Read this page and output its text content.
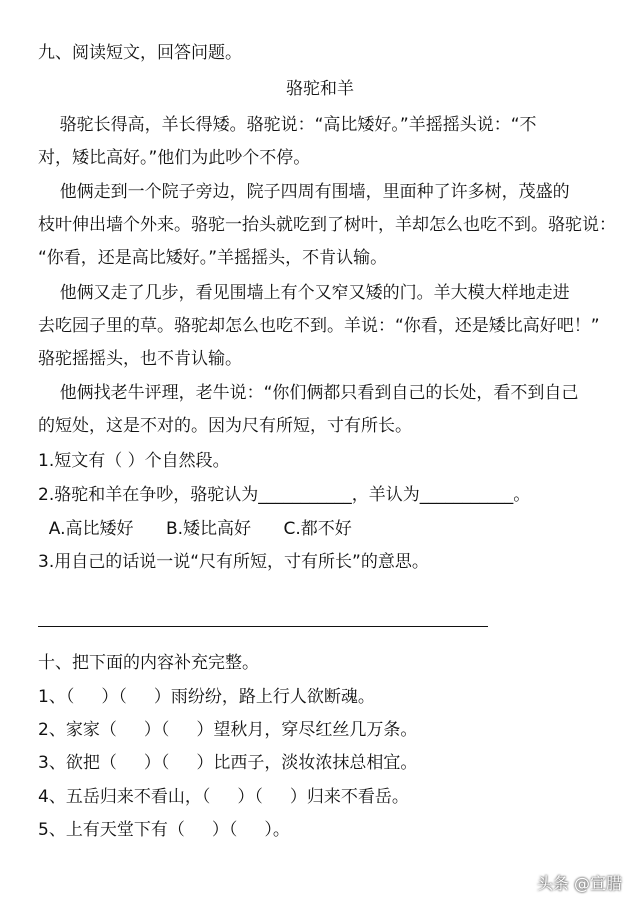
九、阅读短文，回答问题。
骆驼和羊
骆驼长得高，羊长得矮。骆驼说：“高比矮好。”羊摇摇头说：“不
对，矮比高好。”他们为此吵个不停。
他俩走到一个院子旁边，院子四周有围墙，里面种了许多树，茂盛的
枝叶伸出墙个外来。骆驼一抬头就吃到了树叶，羊却怎么也吃不到。骆驼说：
“你看，还是高比矮好。”羊摇摇头，不肯认输。
他俩又走了几步，看见围墙上有个又窄又矮的门。羊大模大样地走进
去吃园子里的草。骆驼却怎么也吃不到。羊说：“你看，还是矮比高好吧！”
骆驼摇摇头，也不肯认输。
他俩找老牛评理，老牛说：“你们俩都只看到自己的长处，看不到自己
的短处，这是不对的。因为尺有所短，寸有所长。
1.短文有（ ）个自然段。
2.骆驼和羊在争吵，骆驼认为___________，羊认为___________。
A.高比矮好      B.矮比高好      C.都不好
3.用自己的话说一说“尺有所短，寸有所长”的意思。
十、把下面的内容补充完整。
1、（     ）（     ）雨纷纷，路上行人欲断魂。
2、家家（     ）（     ）望秋月，穿尽红丝几万条。
3、欲把（     ）（     ）比西子，淡妆浓抹总相宜。
4、五岳归来不看山，（     ）（     ）归来不看岳。
5、上有天堂下有（     ）（     ）。
头条 @宣腊
